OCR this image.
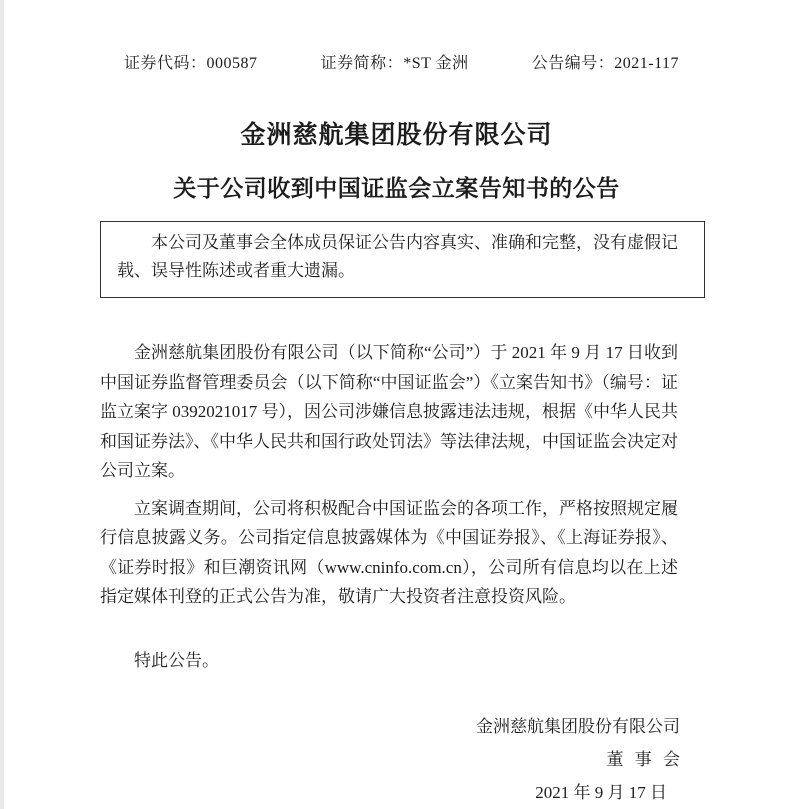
证券代码：000587	证券简称：*ST 金洲	公告编号：2021-117
金洲慈航集团股份有限公司
关于公司收到中国证监会立案告知书的公告

本公司及董事会全体成员保证公告内容真实、准确和完整，没有虚假记载、误导性陈述或者重大遗漏。

金洲慈航集团股份有限公司（以下简称“公司”）于 2021 年 9 月 17 日收到中国证券监督管理委员会（以下简称“中国证监会”）《立案告知书》（编号：证监立案字 0392021017 号），因公司涉嫌信息披露违法违规，根据《中华人民共和国证券法》、《中华人民共和国行政处罚法》等法律法规，中国证监会决定对公司立案。

立案调查期间，公司将积极配合中国证监会的各项工作，严格按照规定履行信息披露义务。公司指定信息披露媒体为《中国证券报》、《上海证券报》、《证券时报》和巨潮资讯网（www.cninfo.com.cn），公司所有信息均以在上述指定媒体刊登的正式公告为准，敬请广大投资者注意投资风险。

特此公告。

金洲慈航集团股份有限公司
董 事 会
2021 年 9 月 17 日
